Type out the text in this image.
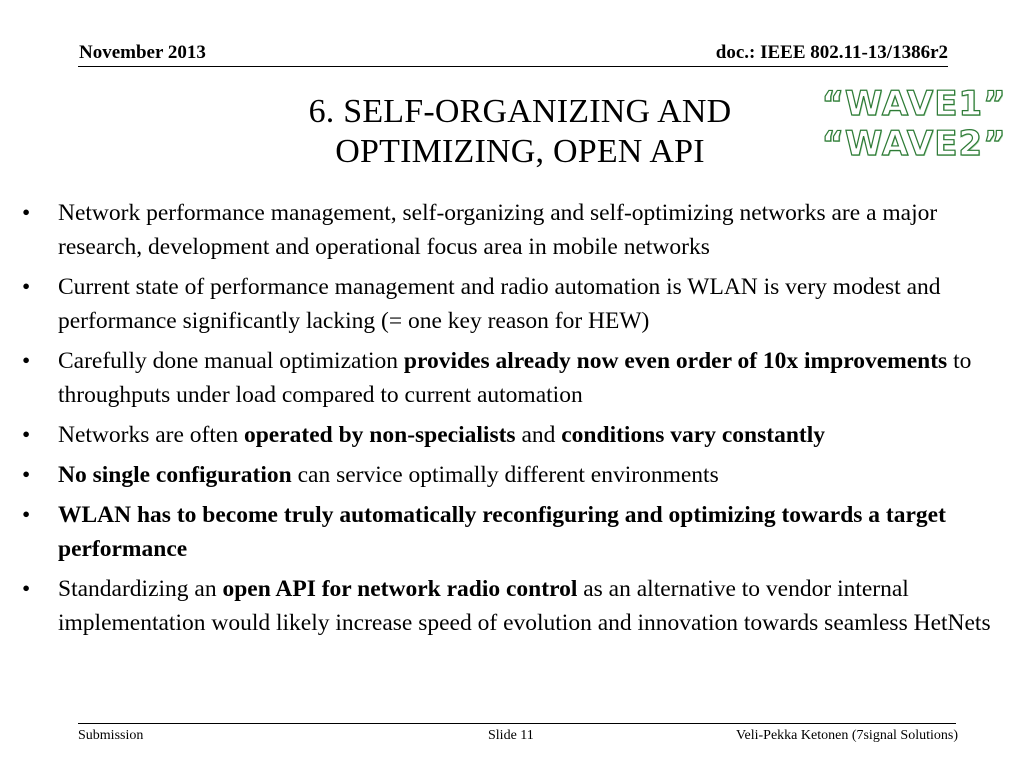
November 2013	doc.: IEEE 802.11-13/1386r2
6. SELF-ORGANIZING AND
OPTIMIZING, OPEN API
“WAVE1”
“WAVE2”
•	Network performance management, self-organizing and self-optimizing networks are a major research, development and operational focus area in mobile networks
•	Current state of performance management and radio automation is WLAN is very modest and performance significantly lacking (= one key reason for HEW)
•	Carefully done manual optimization provides already now even order of 10x improvements to throughputs under load compared to current automation
•	Networks are often operated by non-specialists and conditions vary constantly
•	No single configuration can service optimally different environments
•	WLAN has to become truly automatically reconfiguring and optimizing towards a target performance
•	Standardizing an open API for network radio control as an alternative to vendor internal implementation would likely increase speed of evolution and innovation towards seamless HetNets
Submission	Slide 11	Veli-Pekka Ketonen (7signal Solutions)
